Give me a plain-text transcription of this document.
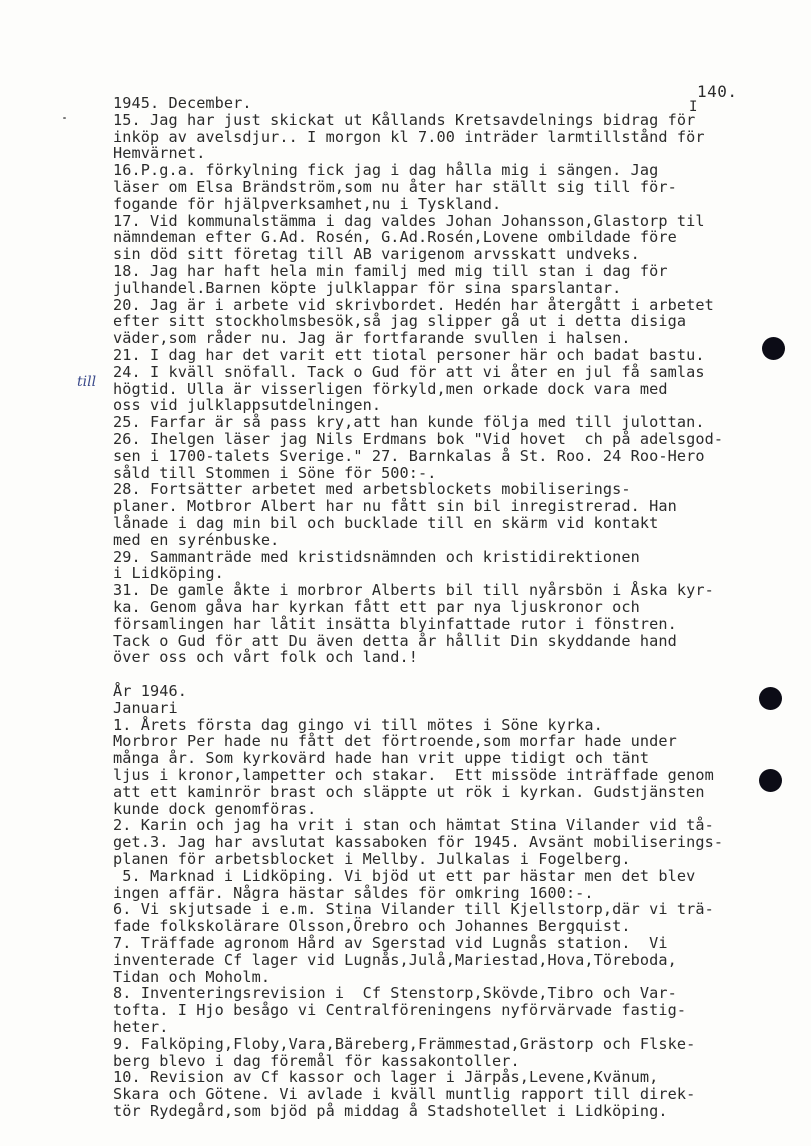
140.
I
till
1945. December.
15. Jag har just skickat ut Kållands Kretsavdelnings bidrag för
inköp av avelsdjur.. I morgon kl 7.00 inträder larmtillstånd för
Hemvärnet.
16.P.g.a. förkylning fick jag i dag hålla mig i sängen. Jag
läser om Elsa Brändström,som nu åter har ställt sig till för-
fogande för hjälpverksamhet,nu i Tyskland.
17. Vid kommunalstämma i dag valdes Johan Johansson,Glastorp til
nämndeman efter G.Ad. Rosén, G.Ad.Rosén,Lovene ombildade före
sin död sitt företag till AB varigenom arvsskatt undveks.
18. Jag har haft hela min familj med mig till stan i dag för
julhandel.Barnen köpte julklappar för sina sparslantar.
20. Jag är i arbete vid skrivbordet. Hedén har återgått i arbetet
efter sitt stockholmsbesök,så jag slipper gå ut i detta disiga
väder,som råder nu. Jag är fortfarande svullen i halsen.
21. I dag har det varit ett tiotal personer här och badat bastu.
24. I kväll snöfall. Tack o Gud för att vi åter en jul få samlas
högtid. Ulla är visserligen förkyld,men orkade dock vara med
oss vid julklappsutdelningen.
25. Farfar är så pass kry,att han kunde följa med till julottan.
26. Ihelgen läser jag Nils Erdmans bok "Vid hovet  ch på adelsgod-
sen i 1700-talets Sverige." 27. Barnkalas å St. Roo. 24 Roo-Hero
såld till Stommen i Söne för 500:-.
28. Fortsätter arbetet med arbetsblockets mobiliserings-
planer. Motbror Albert har nu fått sin bil inregistrerad. Han
lånade i dag min bil och bucklade till en skärm vid kontakt
med en syrénbuske.
29. Sammanträde med kristidsnämnden och kristidirektionen
i Lidköping.
31. De gamle åkte i morbror Alberts bil till nyårsbön i Åska kyr-
ka. Genom gåva har kyrkan fått ett par nya ljuskronor och
församlingen har låtit insätta blyinfattade rutor i fönstren.
Tack o Gud för att Du även detta år hållit Din skyddande hand
över oss och vårt folk och land.!
År 1946.
Januari
1. Årets första dag gingo vi till mötes i Söne kyrka.
Morbror Per hade nu fått det förtroende,som morfar hade under
många år. Som kyrkovärd hade han vrit uppe tidigt och tänt
ljus i kronor,lampetter och stakar.  Ett missöde inträffade genom
att ett kaminrör brast och släppte ut rök i kyrkan. Gudstjänsten
kunde dock genomföras.
2. Karin och jag ha vrit i stan och hämtat Stina Vilander vid tå-
get.3. Jag har avslutat kassaboken för 1945. Avsänt mobiliserings-
planen för arbetsblocket i Mellby. Julkalas i Fogelberg.
5. Marknad i Lidköping. Vi bjöd ut ett par hästar men det blev
ingen affär. Några hästar såldes för omkring 1600:-.
6. Vi skjutsade i e.m. Stina Vilander till Kjellstorp,där vi trä-
fade folkskolärare Olsson,Örebro och Johannes Bergquist.
7. Träffade agronom Hård av Sgerstad vid Lugnås station.  Vi
inventerade Cf lager vid Lugnås,Julå,Mariestad,Hova,Töreboda,
Tidan och Moholm.
8. Inventeringsrevision i  Cf Stenstorp,Skövde,Tibro och Var-
tofta. I Hjo besågo vi Centralföreningens nyförvärvade fastig-
heter.
9. Falköping,Floby,Vara,Bäreberg,Främmestad,Grästorp och Flske-
berg blevo i dag föremål för kassakontoller.
10. Revision av Cf kassor och lager i Järpås,Levene,Kvänum,
Skara och Götene. Vi avlade i kväll muntlig rapport till direk-
tör Rydegård,som bjöd på middag å Stadshotellet i Lidköping.
